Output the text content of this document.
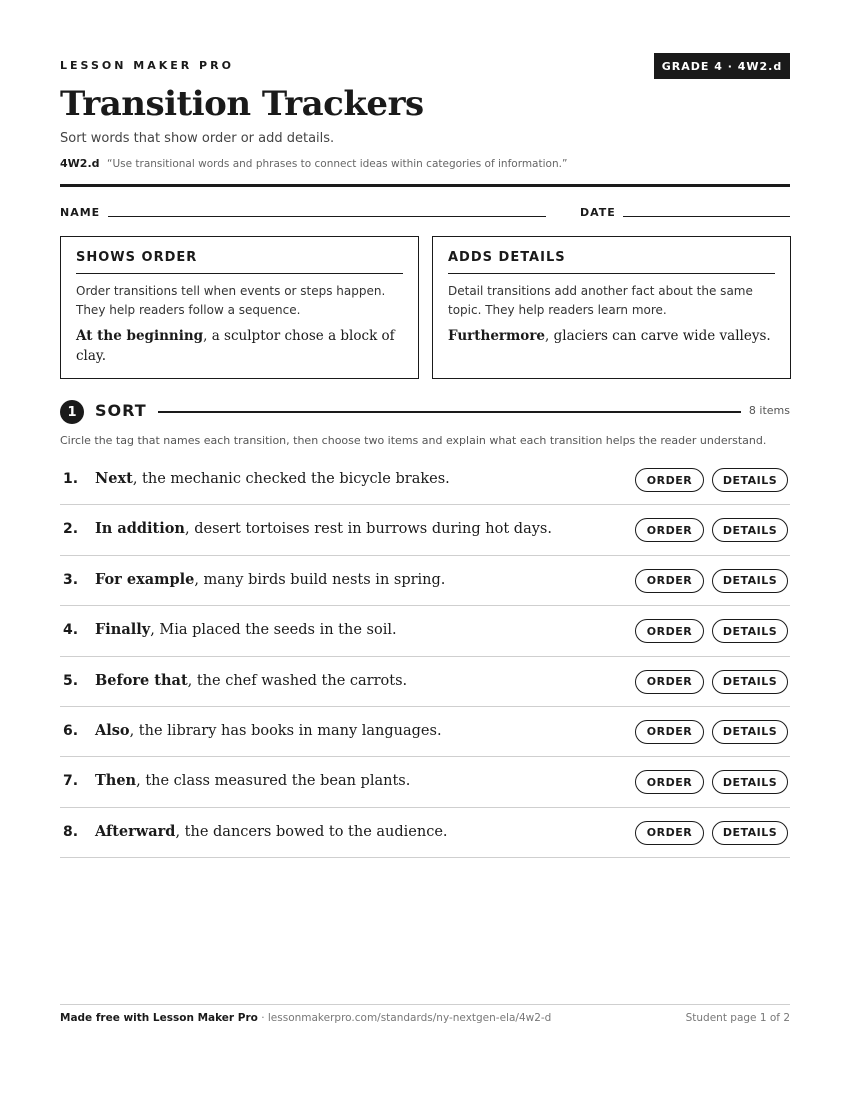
LESSON MAKER PRO	GRADE 4 · 4W2.d
Transition Trackers
Sort words that show order or add details.
4W2.d “Use transitional words and phrases to connect ideas within categories of information.”
NAME	DATE
SHOWS ORDER
Order transitions tell when events or steps happen. They help readers follow a sequence.
At the beginning, a sculptor chose a block of clay.
ADDS DETAILS
Detail transitions add another fact about the same topic. They help readers learn more.
Furthermore, glaciers can carve wide valleys.
1	SORT	8 items
Circle the tag that names each transition, then choose two items and explain what each transition helps the reader understand.
1. Next, the mechanic checked the bicycle brakes.	ORDER	DETAILS
2. In addition, desert tortoises rest in burrows during hot days.	ORDER	DETAILS
3. For example, many birds build nests in spring.	ORDER	DETAILS
4. Finally, Mia placed the seeds in the soil.	ORDER	DETAILS
5. Before that, the chef washed the carrots.	ORDER	DETAILS
6. Also, the library has books in many languages.	ORDER	DETAILS
7. Then, the class measured the bean plants.	ORDER	DETAILS
8. Afterward, the dancers bowed to the audience.	ORDER	DETAILS
Made free with Lesson Maker Pro · lessonmakerpro.com/standards/ny-nextgen-ela/4w2-d	Student page 1 of 2
